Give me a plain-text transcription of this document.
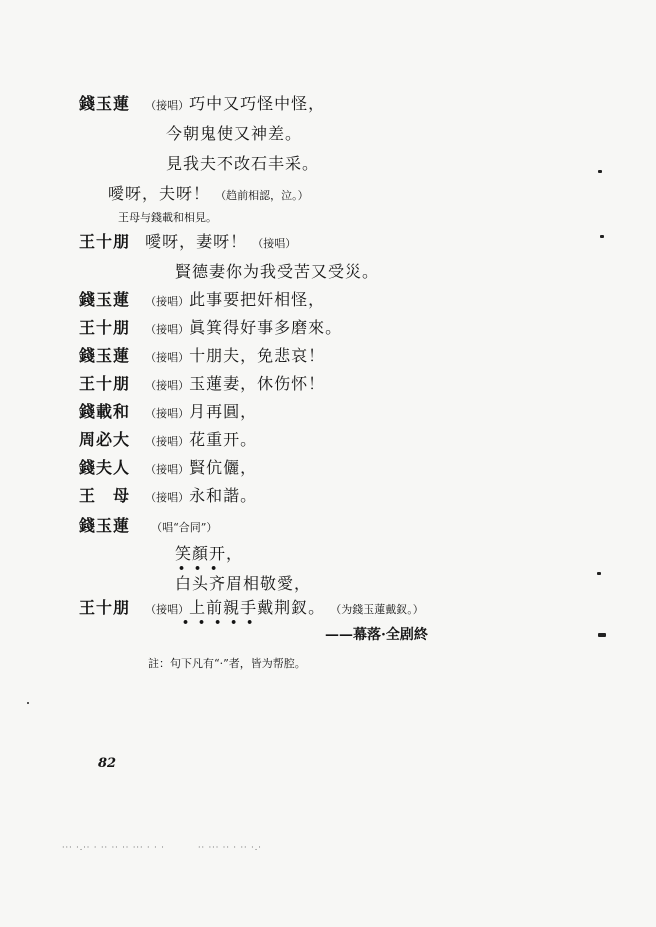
錢玉蓮 （接唱）巧中又巧怪中怪，
今朝鬼使又神差。
見我夫不改石丰采。
噯呀，夫呀！ （趋前相認，泣。）
王母与錢載和相見。
王十朋 噯呀，妻呀！ （接唱）
賢德妻你为我受苦又受災。
錢玉蓮 （接唱）此事要把奸相怪，
王十朋 （接唱）眞箕得好事多磨來。
錢玉蓮 （接唱）十朋夫，免悲哀！
王十朋 （接唱）玉蓮妻，休伤怀！
錢載和 （接唱）月再圓，
周必大 （接唱）花重开。
錢夫人 （接唱）賢伉儷，
王　母 （接唱）永和諧。
錢玉蓮 （唱“合同”）
笑顏开，
•••
白头齐眉相敬愛，
王十朋 （接唱）上前親手戴荆釵。 （为錢玉蓮戴釵。）
•••••
——幕落·全剧終
註：句下凡有“·”者，皆为帮腔。
82
··· ·.·· · ·· ·· ·· ··· · · ·	·· ··· ·· · ·· ·.·
